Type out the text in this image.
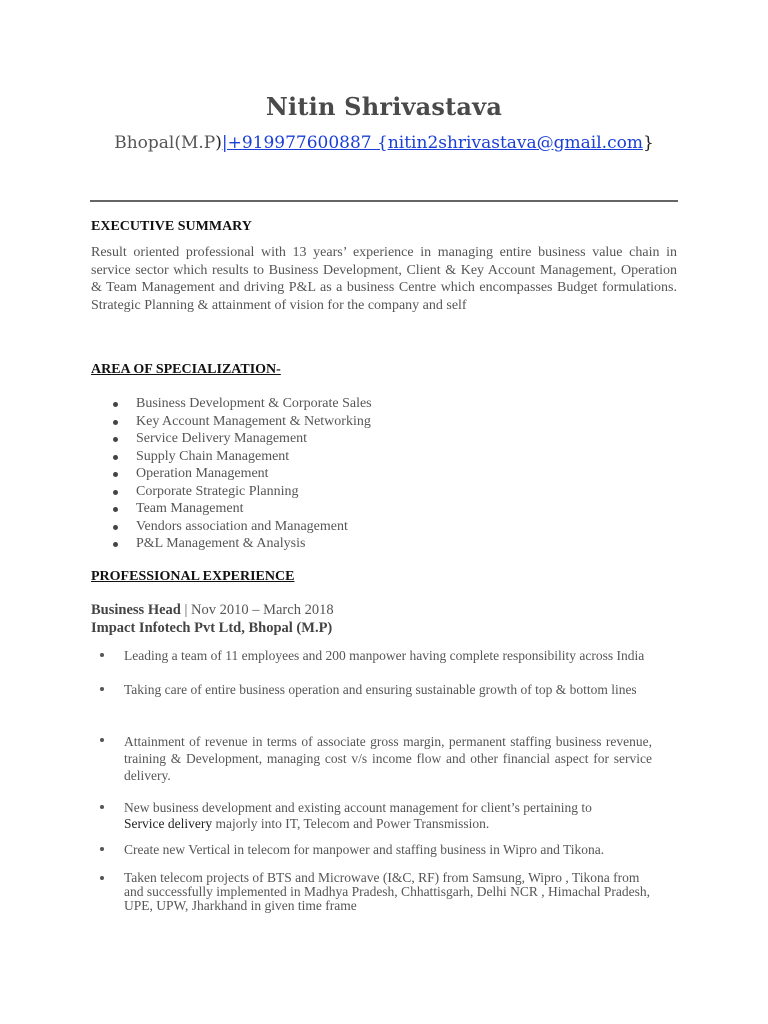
Nitin Shrivastava
Bhopal(M.P)|+919977600887 {nitin2shrivastava@gmail.com}
EXECUTIVE SUMMARY
Result oriented professional with 13 years’ experience in managing entire business value chain in service sector which results to Business Development, Client & Key Account Management, Operation & Team Management and driving P&L as a business Centre which encompasses Budget formulations. Strategic Planning & attainment of vision for the company and self
AREA OF SPECIALIZATION-
Business Development & Corporate Sales
Key Account Management & Networking
Service Delivery Management
Supply Chain Management
Operation Management
Corporate Strategic Planning
Team Management
Vendors association and Management
P&L Management & Analysis
PROFESSIONAL EXPERIENCE
Business Head | Nov 2010 – March 2018
Impact Infotech Pvt Ltd, Bhopal (M.P)
Leading a team of 11 employees and 200 manpower having complete responsibility across India
Taking care of entire business operation and ensuring sustainable growth of top & bottom lines
Attainment of revenue in terms of associate gross margin, permanent staffing business revenue, training & Development, managing cost v/s income flow and other financial aspect for service delivery.
New business development and existing account management for client’s pertaining to
Service delivery majorly into IT, Telecom and Power Transmission.
Create new Vertical in telecom for manpower and staffing business in Wipro and Tikona.
Taken telecom projects of BTS and Microwave (I&C, RF) from Samsung, Wipro , Tikona from and successfully implemented in Madhya Pradesh, Chhattisgarh, Delhi NCR , Himachal Pradesh, UPE, UPW, Jharkhand in given time frame
